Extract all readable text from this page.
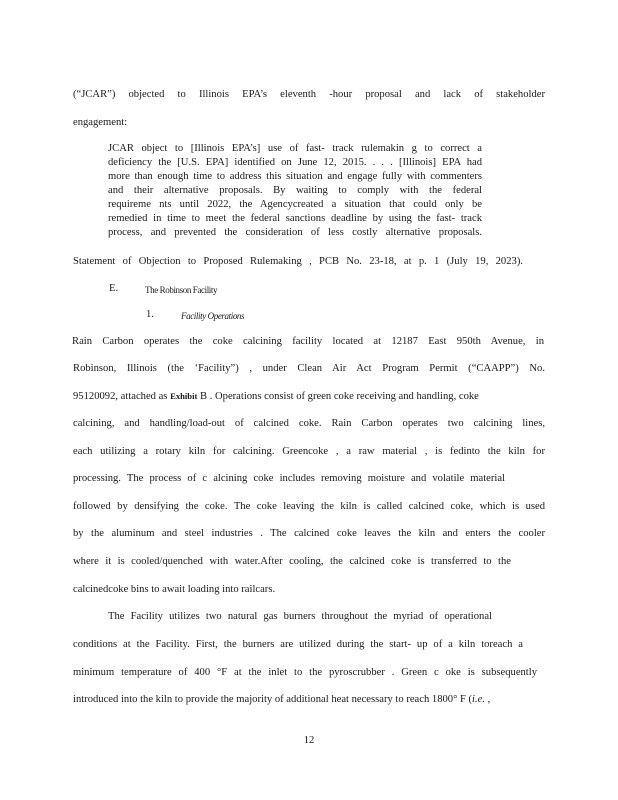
(“JCAR”) objected to Illinois EPA’s eleventh -hour proposal and lack of stakeholder
engagement:
JCAR object to [Illinois EPA’s] use of fast- track rulemakin g to correct a
deficiency the [U.S. EPA] identified on June 12, 2015. . . . [Illinois] EPA had
more than enough time to address this situation and engage fully with commenters
and their alternative proposals. By waiting to comply with the federal
requireme nts until 2022, the Agencycreated a situation that could only be
remedied in time to meet the federal sanctions deadline by using the fast- track
process, and prevented the consideration of less costly alternative proposals.
Statement of Objection to Proposed Rulemaking , PCB No. 23-18, at p. 1 (July 19, 2023).
E.	The Robinson Facility
1.	Facility Operations
Rain Carbon operates the coke calcining facility located at 12187 East 950th Avenue, in
Robinson, Illinois (the ‘Facility”) , under Clean Air Act Program Permit (“CAAPP”) No.
95120092, attached as Exhibit B . Operations consist of green coke receiving and handling, coke
calcining, and handling/load-out of calcined coke. Rain Carbon operates two calcining lines,
each utilizing a rotary kiln for calcining. Greencoke , a raw material , is fedinto the kiln for
processing. The process of c alcining coke includes removing moisture and volatile material
followed by densifying the coke. The coke leaving the kiln is called calcined coke, which is used
by the aluminum and steel industries . The calcined coke leaves the kiln and enters the cooler
where it is cooled/quenched with water.After cooling, the calcined coke is transferred to the
calcinedcoke bins to await loading into railcars.
The Facility utilizes two natural gas burners throughout the myriad of operational
conditions at the Facility. First, the burners are utilized during the start- up of a kiln toreach a
minimum temperature of 400 °F at the inlet to the pyroscrubber . Green c oke is subsequently
introduced into the kiln to provide the majority of additional heat necessary to reach 1800° F (i.e. ,
12
